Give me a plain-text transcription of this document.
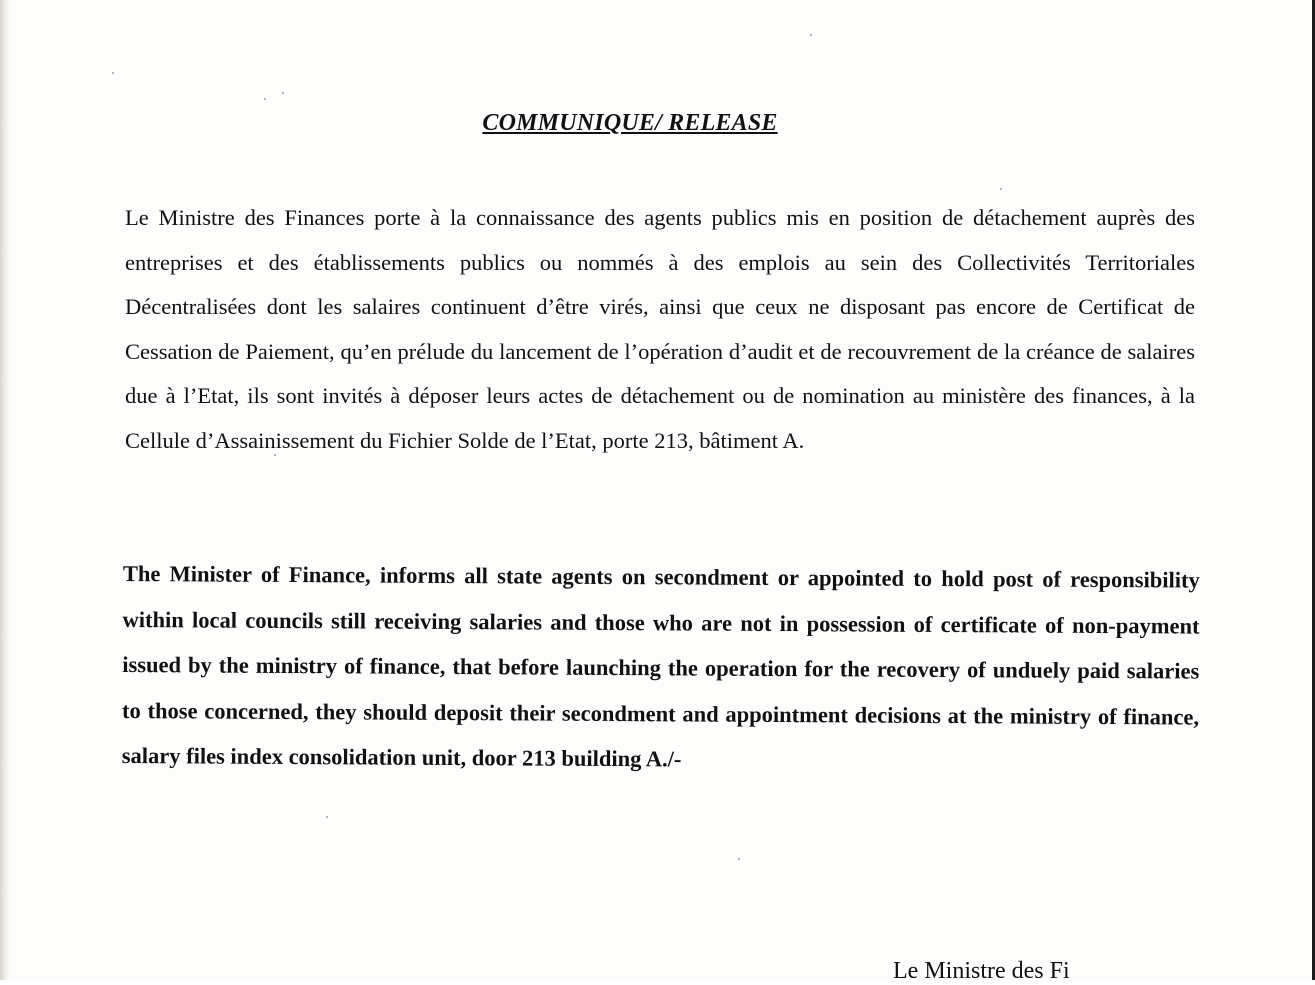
COMMUNIQUE/ RELEASE
Le Ministre des Finances porte à la connaissance des agents publics mis en position de détachement auprès des entreprises et des établissements publics ou nommés à des emplois au sein des Collectivités Territoriales Décentralisées dont les salaires continuent d’être virés, ainsi que ceux ne disposant pas encore de Certificat de Cessation de Paiement, qu’en prélude du lancement de l’opération d’audit et de recouvrement de la créance de salaires due à l’Etat, ils sont invités à déposer leurs actes de détachement ou de nomination au ministère des finances, à la Cellule d’Assainissement du Fichier Solde de l’Etat, porte 213, bâtiment A.
The Minister of Finance, informs all state agents on secondment or appointed to hold post of responsibility within local councils still receiving salaries and those who are not in possession of certificate of non-payment issued by the ministry of finance, that before launching the operation for the recovery of unduely paid salaries to those concerned, they should deposit their secondment and appointment decisions at the ministry of finance, salary files index consolidation unit, door 213 building A./-
Le Ministre des Fi
